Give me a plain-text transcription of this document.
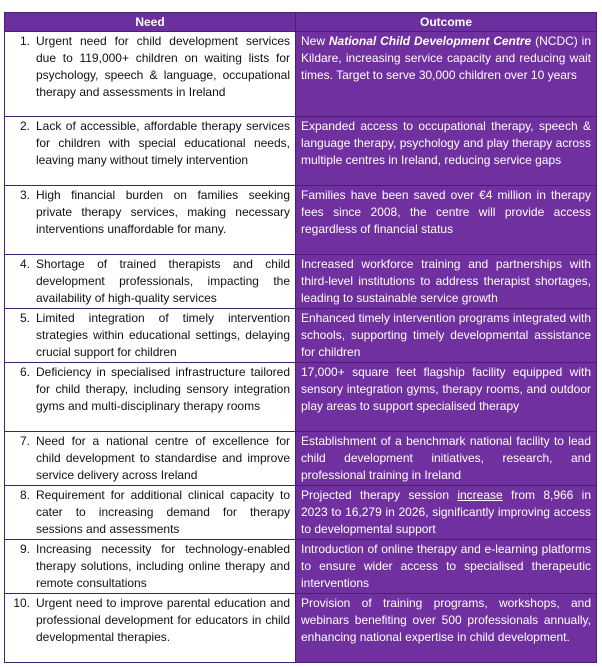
Need	Outcome

1. Urgent need for child development services due to 119,000+ children on waiting lists for psychology, speech & language, occupational therapy and assessments in Ireland	New National Child Development Centre (NCDC) in Kildare, increasing service capacity and reducing wait times. Target to serve 30,000 children over 10 years

2. Lack of accessible, affordable therapy services for children with special educational needs, leaving many without timely intervention	Expanded access to occupational therapy, speech & language therapy, psychology and play therapy across multiple centres in Ireland, reducing service gaps

3. High financial burden on families seeking private therapy services, making necessary interventions unaffordable for many.	Families have been saved over €4 million in therapy fees since 2008, the centre will provide access regardless of financial status

4. Shortage of trained therapists and child development professionals, impacting the availability of high-quality services	Increased workforce training and partnerships with third-level institutions to address therapist shortages, leading to sustainable service growth

5. Limited integration of timely intervention strategies within educational settings, delaying crucial support for children	Enhanced timely intervention programs integrated with schools, supporting timely developmental assistance for children

6. Deficiency in specialised infrastructure tailored for child therapy, including sensory integration gyms and multi-disciplinary therapy rooms	17,000+ square feet flagship facility equipped with sensory integration gyms, therapy rooms, and outdoor play areas to support specialised therapy

7. Need for a national centre of excellence for child development to standardise and improve service delivery across Ireland	Establishment of a benchmark national facility to lead child development initiatives, research, and professional training in Ireland

8. Requirement for additional clinical capacity to cater to increasing demand for therapy sessions and assessments	Projected therapy session increase from 8,966 in 2023 to 16,279 in 2026, significantly improving access to developmental support

9. Increasing necessity for technology-enabled therapy solutions, including online therapy and remote consultations	Introduction of online therapy and e-learning platforms to ensure wider access to specialised therapeutic interventions

10. Urgent need to improve parental education and professional development for educators in child developmental therapies.	Provision of training programs, workshops, and webinars benefiting over 500 professionals annually, enhancing national expertise in child development.
